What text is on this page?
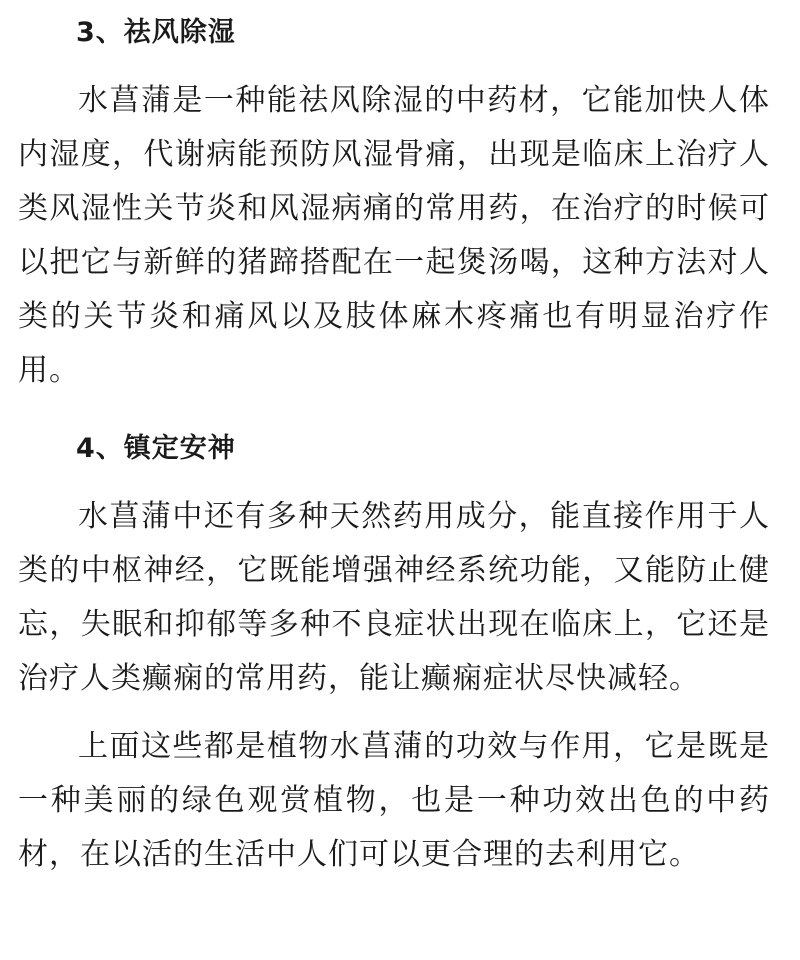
3、祛风除湿

水菖蒲是一种能祛风除湿的中药材，它能加快人体内湿度，代谢病能预防风湿骨痛，出现是临床上治疗人类风湿性关节炎和风湿病痛的常用药，在治疗的时候可以把它与新鲜的猪蹄搭配在一起煲汤喝，这种方法对人类的关节炎和痛风以及肢体麻木疼痛也有明显治疗作用。

4、镇定安神

水菖蒲中还有多种天然药用成分，能直接作用于人类的中枢神经，它既能增强神经系统功能，又能防止健忘，失眠和抑郁等多种不良症状出现在临床上，它还是治疗人类癫痫的常用药，能让癫痫症状尽快减轻。

上面这些都是植物水菖蒲的功效与作用，它是既是一种美丽的绿色观赏植物，也是一种功效出色的中药材，在以活的生活中人们可以更合理的去利用它。
